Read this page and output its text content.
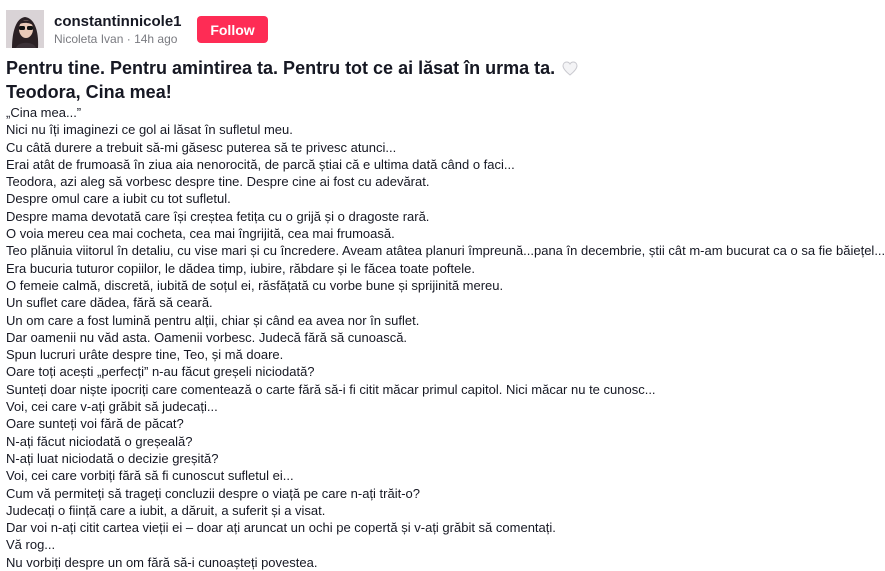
constantinnicole1
Nicoleta Ivan · 14h ago
Follow
Pentru tine. Pentru amintirea ta. Pentru tot ce ai lăsat în urma ta.  Teodora, Cina mea!
„Cina mea...”
Nici nu îți imaginezi ce gol ai lăsat în sufletul meu.
Cu câtă durere a trebuit să-mi găsesc puterea să te privesc atunci...
Erai atât de frumoasă în ziua aia nenorocită, de parcă știai că e ultima dată când o faci...
Teodora, azi aleg să vorbesc despre tine. Despre cine ai fost cu adevărat.
Despre omul care a iubit cu tot sufletul.
Despre mama devotată care își creștea fetița cu o grijă și o dragoste rară.
O voia mereu cea mai cocheta, cea mai îngrijită, cea mai frumoasă.
Teo plănuia viitorul în detaliu, cu vise mari și cu încredere. Aveam atâtea planuri împreună...pana în decembrie, știi cât m-am bucurat ca o sa fie băiețel...
Era bucuria tuturor copiilor, le dădea timp, iubire, răbdare și le făcea toate poftele.
O femeie calmă, discretă, iubită de soțul ei, răsfățată cu vorbe bune și sprijinită mereu.
Un suflet care dădea, fără să ceară.
Un om care a fost lumină pentru alții, chiar și când ea avea nor în suflet.
Dar oamenii nu văd asta. Oamenii vorbesc. Judecă fără să cunoască.
Spun lucruri urâte despre tine, Teo, și mă doare.
Oare toți acești „perfecți” n-au făcut greșeli niciodată?
Sunteți doar niște ipocriți care comentează o carte fără să-i fi citit măcar primul capitol. Nici măcar nu te cunosc...
Voi, cei care v-ați grăbit să judecați...
Oare sunteți voi fără de păcat?
N-ați făcut niciodată o greșeală?
N-ați luat niciodată o decizie greșită?
Voi, cei care vorbiți fără să fi cunoscut sufletul ei...
Cum vă permiteți să trageți concluzii despre o viață pe care n-ați trăit-o?
Judecați o ființă care a iubit, a dăruit, a suferit și a visat.
Dar voi n-ați citit cartea vieții ei – doar ați aruncat un ochi pe copertă și v-ați grăbit să comentați.
Vă rog...
Nu vorbiți despre un om fără să-i cunoașteți povestea.
